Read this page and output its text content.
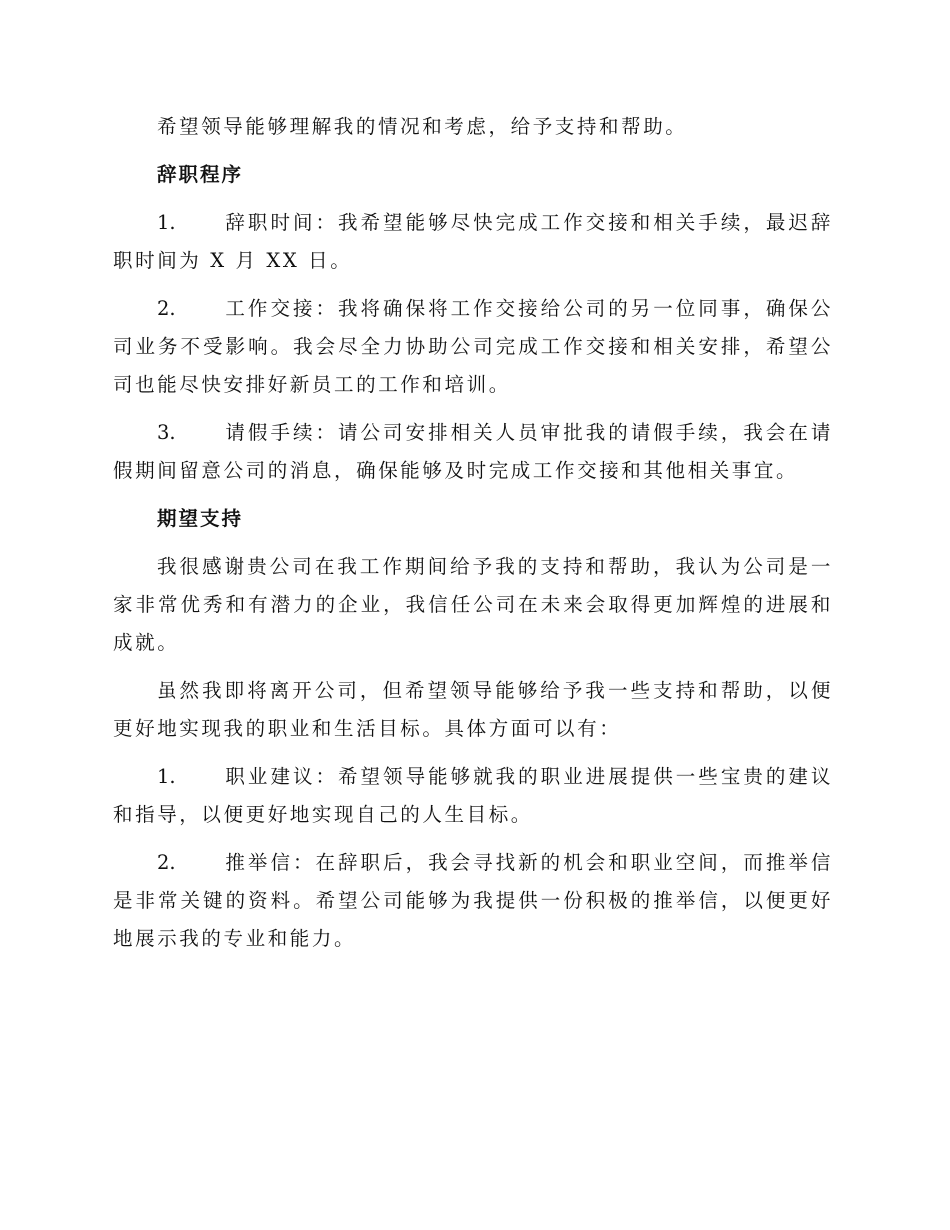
希望领导能够理解我的情况和考虑，给予支持和帮助。

辞职程序

1.	辞职时间：我希望能够尽快完成工作交接和相关手续，最迟辞职时间为 X 月 XX 日。

2.	工作交接：我将确保将工作交接给公司的另一位同事，确保公司业务不受影响。我会尽全力协助公司完成工作交接和相关安排，希望公司也能尽快安排好新员工的工作和培训。

3.	请假手续：请公司安排相关人员审批我的请假手续，我会在请假期间留意公司的消息，确保能够及时完成工作交接和其他相关事宜。

期望支持

我很感谢贵公司在我工作期间给予我的支持和帮助，我认为公司是一家非常优秀和有潜力的企业，我信任公司在未来会取得更加辉煌的进展和成就。

虽然我即将离开公司，但希望领导能够给予我一些支持和帮助，以便更好地实现我的职业和生活目标。具体方面可以有：

1.	职业建议：希望领导能够就我的职业进展提供一些宝贵的建议和指导，以便更好地实现自己的人生目标。

2.	推举信：在辞职后，我会寻找新的机会和职业空间，而推举信是非常关键的资料。希望公司能够为我提供一份积极的推举信，以便更好地展示我的专业和能力。
